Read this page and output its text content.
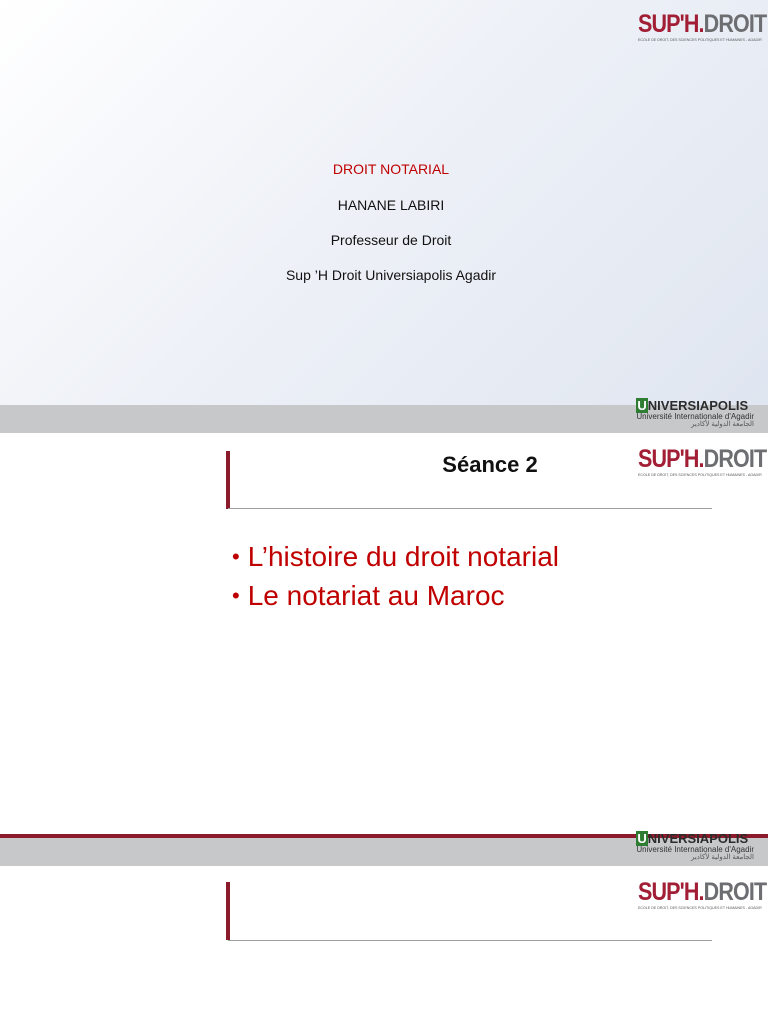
SUP'H.DROIT
ECOLE DE DROIT, DES SCIENCES POLITIQUES ET HUMAINES - AGADIR
DROIT NOTARIAL
HANANE LABIRI
Professeur de Droit
Sup ’H Droit Universiapolis Agadir
UNIVERSIAPOLIS
Université Internationale d'Agadir
الجامعة الدولية لأكادير
SUP'H.DROIT
ECOLE DE DROIT, DES SCIENCES POLITIQUES ET HUMAINES - AGADIR
Séance 2
• L’histoire du droit notarial
• Le notariat au Maroc
UNIVERSIAPOLIS
Université Internationale d'Agadir
الجامعة الدولية لأكادير
SUP'H.DROIT
ECOLE DE DROIT, DES SCIENCES POLITIQUES ET HUMAINES - AGADIR
